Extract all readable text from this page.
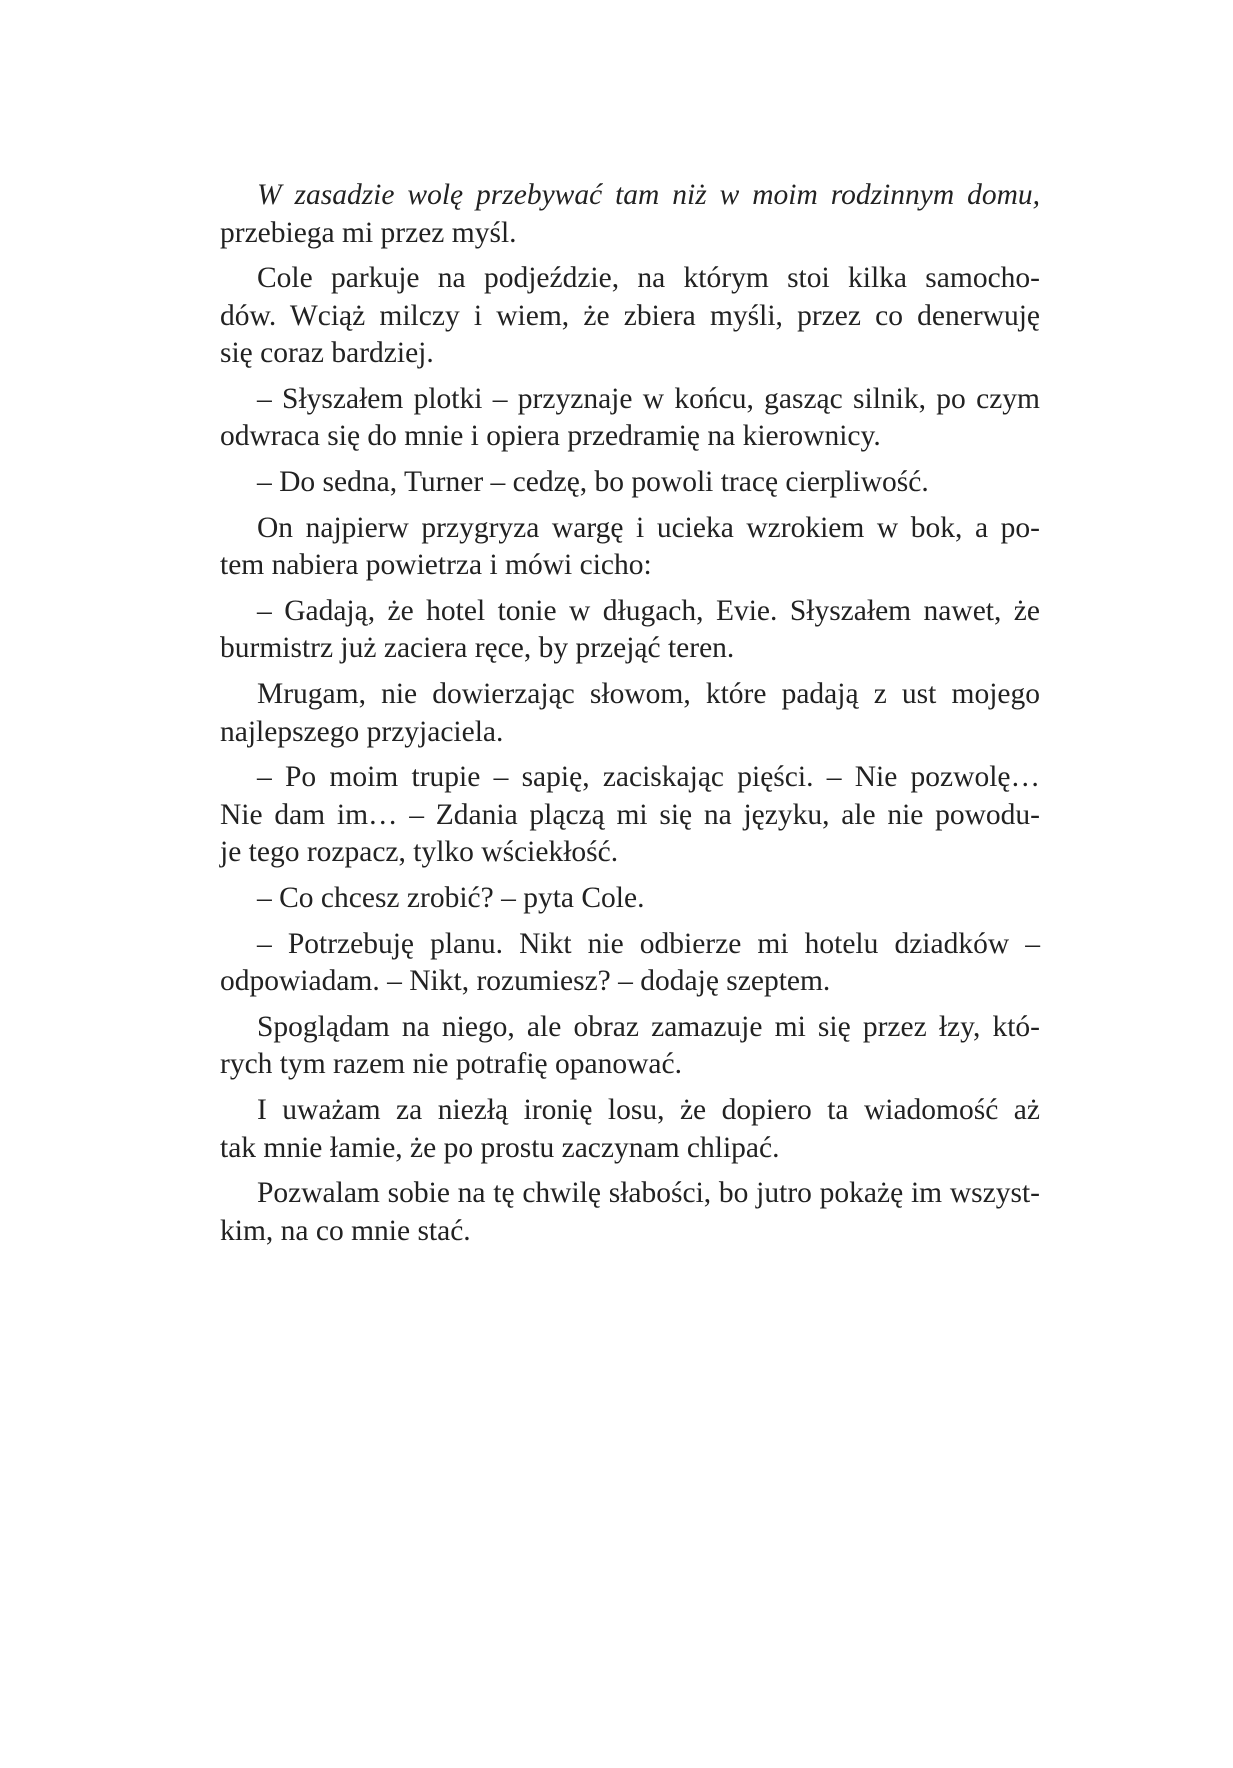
W zasadzie wolę przebywać tam niż w moim rodzinnym domu,
przebiega mi przez myśl.
Cole parkuje na podjeździe, na którym stoi kilka samocho-
dów. Wciąż milczy i wiem, że zbiera myśli, przez co denerwuję
się coraz bardziej.
– Słyszałem plotki – przyznaje w końcu, gasząc silnik, po czym
odwraca się do mnie i opiera przedramię na kierownicy.
– Do sedna, Turner – cedzę, bo powoli tracę cierpliwość.
On najpierw przygryza wargę i ucieka wzrokiem w bok, a po-
tem nabiera powietrza i mówi cicho:
– Gadają, że hotel tonie w długach, Evie. Słyszałem nawet, że
burmistrz już zaciera ręce, by przejąć teren.
Mrugam, nie dowierzając słowom, które padają z ust mojego
najlepszego przyjaciela.
– Po moim trupie – sapię, zaciskając pięści. – Nie pozwolę…
Nie dam im… – Zdania plączą mi się na języku, ale nie powodu-
je tego rozpacz, tylko wściekłość.
– Co chcesz zrobić? – pyta Cole.
– Potrzebuję planu. Nikt nie odbierze mi hotelu dziadków –
odpowiadam. – Nikt, rozumiesz? – dodaję szeptem.
Spoglądam na niego, ale obraz zamazuje mi się przez łzy, któ-
rych tym razem nie potrafię opanować.
I uważam za niezłą ironię losu, że dopiero ta wiadomość aż
tak mnie łamie, że po prostu zaczynam chlipać.
Pozwalam sobie na tę chwilę słabości, bo jutro pokażę im wszyst-
kim, na co mnie stać.
